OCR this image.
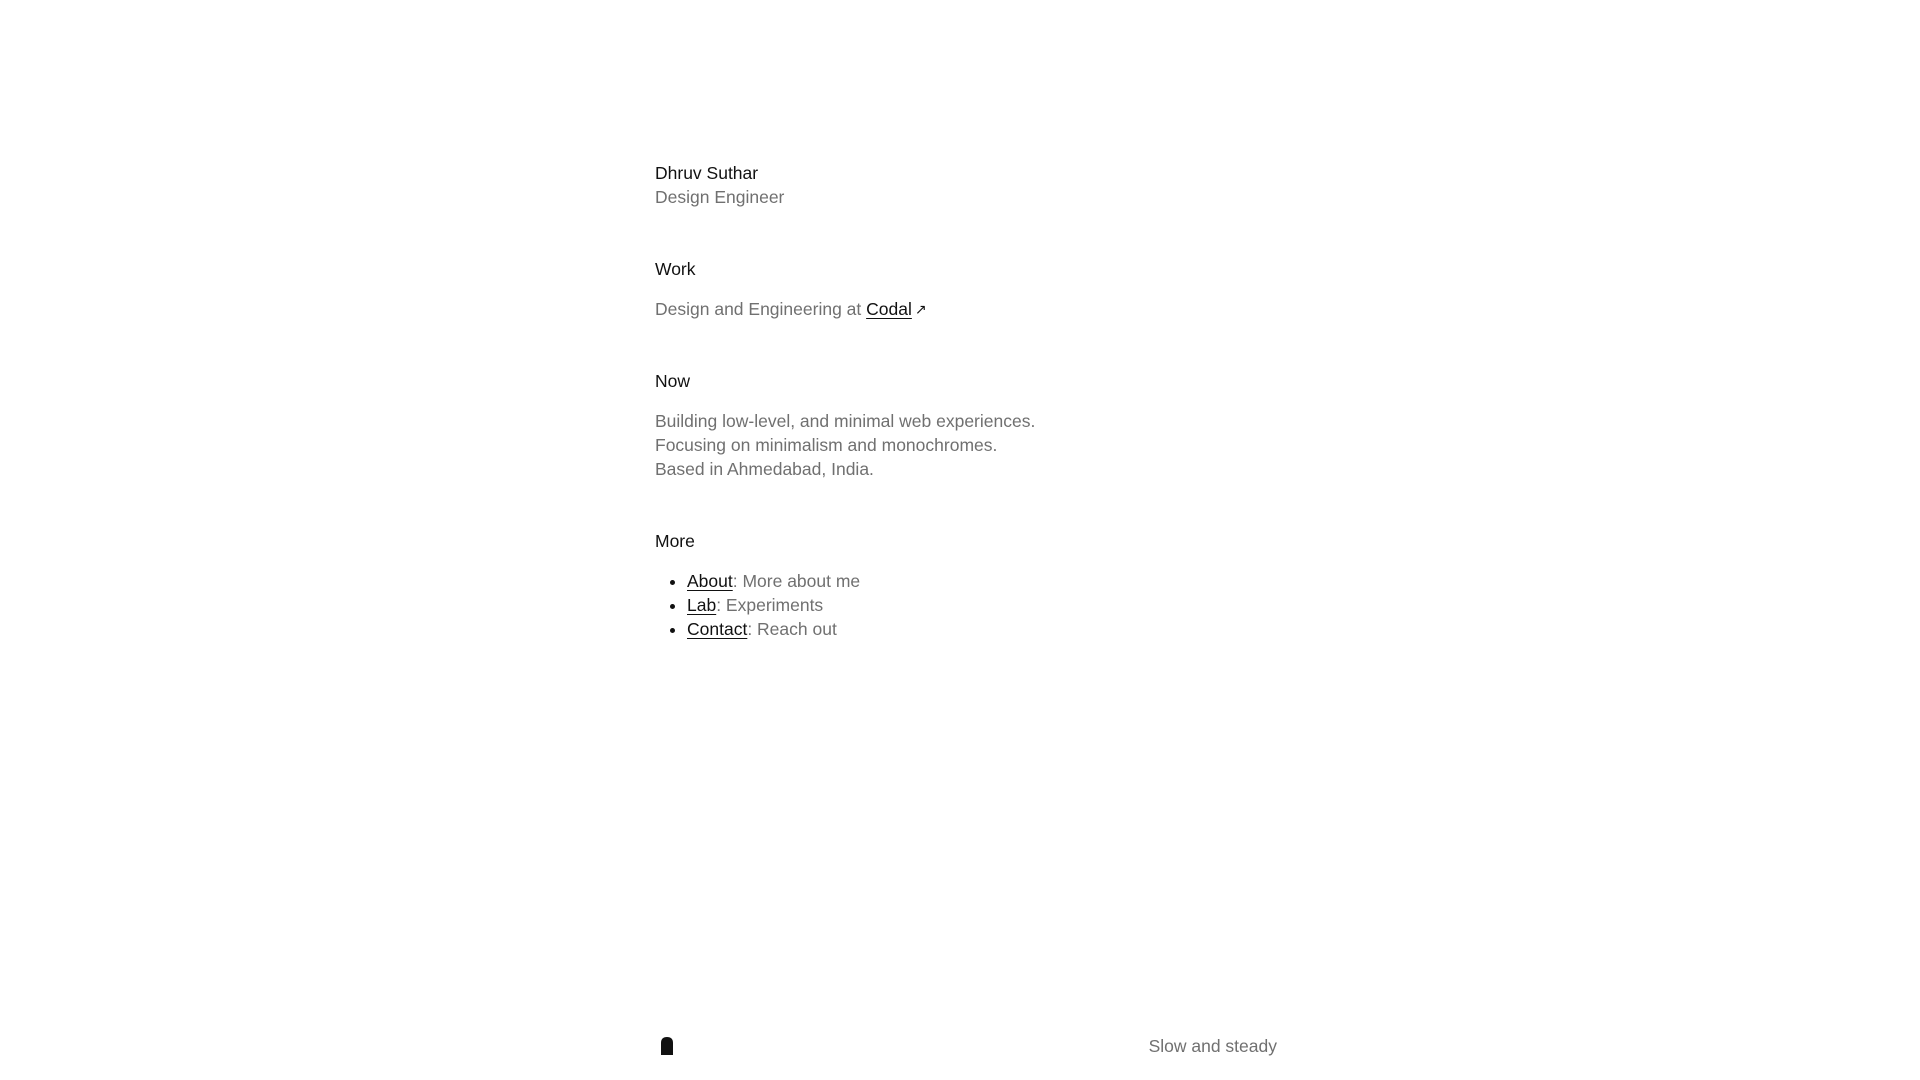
Dhruv Suthar
Design Engineer
Work

Design and Engineering at Codal ↗

Now

Building low-level, and minimal web experiences.

Focusing on minimalism and monochromes.

Based in Ahmedabad, India.

More
• About: More about me
• Lab: Experiments
• Contact: Reach out
Slow and steady
